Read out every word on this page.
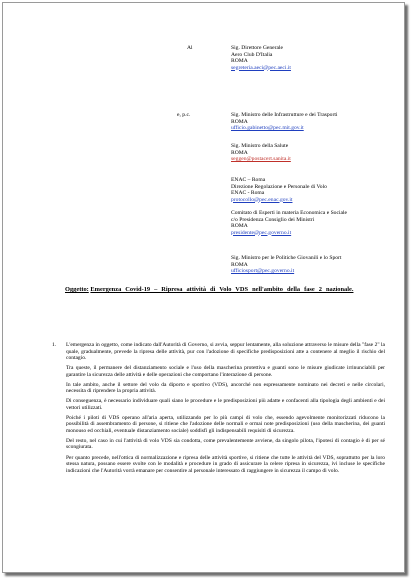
Al	Sig. Direttore Generale
Aero Club D'Italia
ROMA
segreteria.aeci@pec.aeci.it
e, p.c.	Sig. Ministro delle Infrastrutture e dei Trasporti
ROMA
ufficio.gabinetto@pec.mit.gov.it
Sig. Ministro della Salute
ROMA
seggen@postacert.sanita.it
ENAC – Roma
Direzione Regolazione e Personale di Volo
ENAC - Roma
protocollo@pec.enac.gov.it
Comitato di Esperti in materia Economica e Sociale
c/o Presidenza Consiglio dei Ministri
ROMA
presidente@pec.governo.it
Sig. Ministro per le Politiche Giovanili e lo Sport
ROMA
ufficiosport@pec.governo.it
Oggetto: Emergenza Covid-19 – Ripresa attività di Volo VDS nell'ambito della fase 2 nazionale.

1. L'emergenza in oggetto, come indicato dall'Autorità di Governo, si avvia, seppur lentamente, alla soluzione attraverso le misure della "fase 2" la quale, gradualmente, prevede la ripresa delle attività, pur con l'adozione di specifiche predisposizioni atte a contenere al meglio il rischio del contagio.

Tra queste, il permanere del distanziamento sociale e l'uso della mascherina protettiva e guanti sono le misure giudicate irrinunciabili per garantire la sicurezza delle attività e delle operazioni che comportano l'interazione di persone.

In tale ambito, anche il settore del volo da diporto e sportivo (VDS), ancorché non espressamente nominato nei decreti e nelle circolari, necessita di riprendere la propria attività.

Di conseguenza, è necessario individuare quali siano le procedure e le predisposizioni più adatte e confacenti alla tipologia degli ambienti e dei vettori utilizzati.

Poiché i piloti di VDS operano all'aria aperta, utilizzando per lo più campi di volo che, essendo agevolmente monitorizzati riducono la possibilità di assembramento di persone, si ritiene che l'adozione delle normali e ormai note predisposizioni (uso della mascherina, dei guanti monouso ed occhiali, eventuale distanziamento sociale) soddisfi gli indispensabili requisiti di sicurezza.

Del resto, nel caso in cui l'attività di volo VDS sia condotta, come prevalentemente avviene, da singolo pilota, l'ipotesi di contagio è di per sé scongiurata.

Per quanto precede, nell'ottica di normalizzazione e ripresa delle attività sportive, si ritiene che tutte le attività del VDS, soprattutto per la loro stessa natura, possano essere svolte con le modalità e procedure in grado di assicurare la celere ripresa in sicurezza, ivi incluse le specifiche indicazioni che l'Autorità vorrà emanare per consentire al personale interessato di raggiungere in sicurezza il campo di volo.
